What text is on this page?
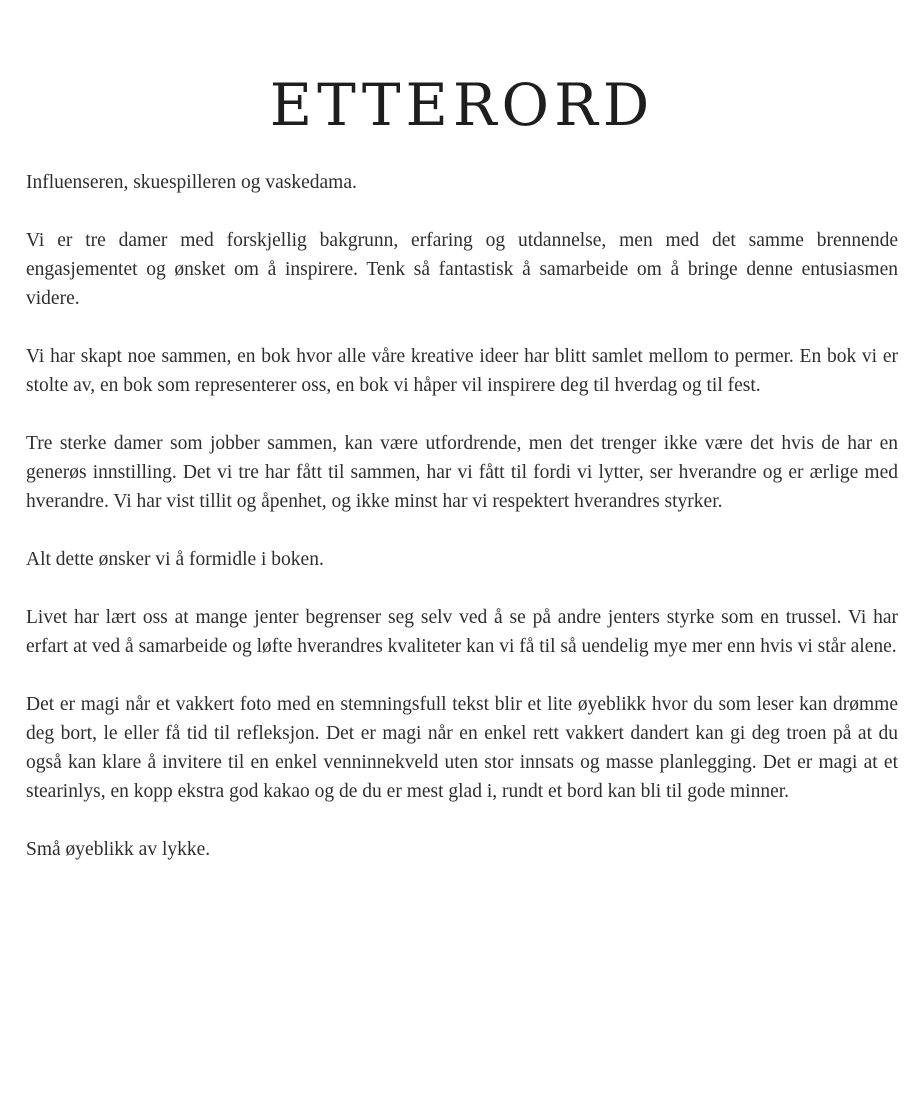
ETTERORD

Influenseren, skuespilleren og vaskedama.

Vi er tre damer med forskjellig bakgrunn, erfaring og utdannelse, men med det samme brennende engasjementet og ønsket om å inspirere. Tenk så fantastisk å samarbeide om å bringe denne entusiasmen videre.

Vi har skapt noe sammen, en bok hvor alle våre kreative ideer har blitt samlet mellom to permer. En bok vi er stolte av, en bok som representerer oss, en bok vi håper vil inspirere deg til hverdag og til fest.

Tre sterke damer som jobber sammen, kan være utfordrende, men det trenger ikke være det hvis de har en generøs innstilling. Det vi tre har fått til sammen, har vi fått til fordi vi lytter, ser hverandre og er ærlige med hverandre. Vi har vist tillit og åpenhet, og ikke minst har vi respektert hverandres styrker.

Alt dette ønsker vi å formidle i boken.

Livet har lært oss at mange jenter begrenser seg selv ved å se på andre jenters styrke som en trussel. Vi har erfart at ved å samarbeide og løfte hverandres kvaliteter kan vi få til så uendelig mye mer enn hvis vi står alene.

Det er magi når et vakkert foto med en stemningsfull tekst blir et lite øyeblikk hvor du som leser kan drømme deg bort, le eller få tid til refleksjon. Det er magi når en enkel rett vakkert dandert kan gi deg troen på at du også kan klare å invitere til en enkel venninnekveld uten stor innsats og masse planlegging. Det er magi at et stearinlys, en kopp ekstra god kakao og de du er mest glad i, rundt et bord kan bli til gode minner.

Små øyeblikk av lykke.
